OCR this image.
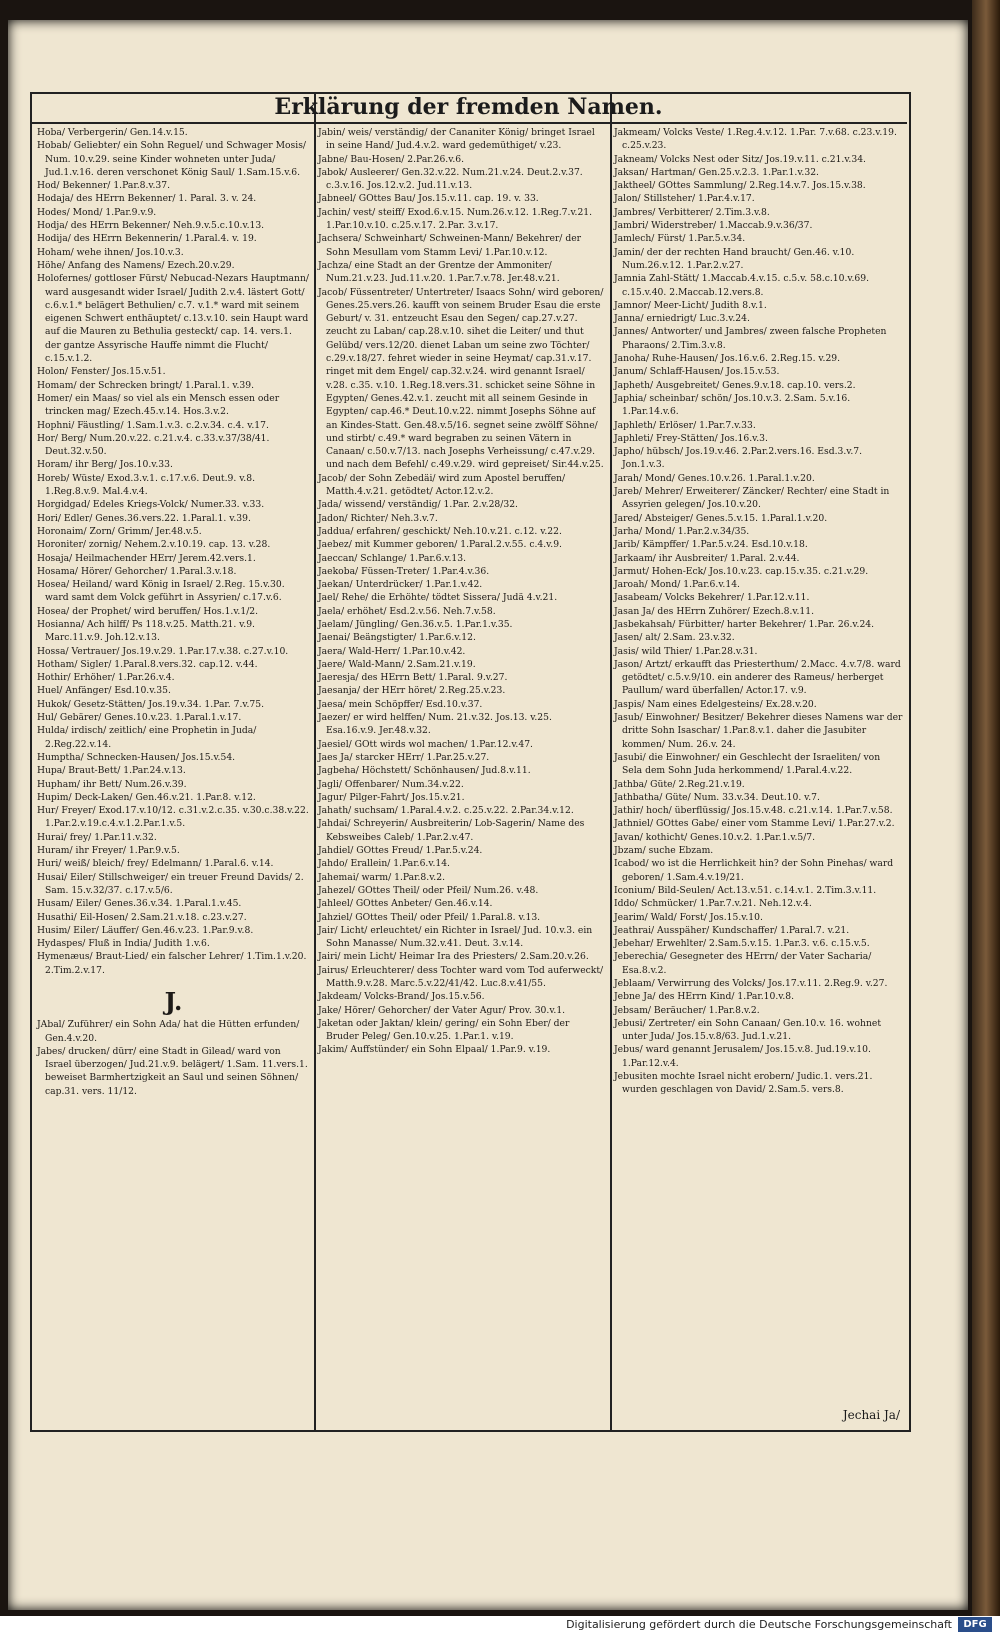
Erklärung der fremden Namen.
Hoba/ Verbergerin/ Gen.14.v.15.
Hobab/ Geliebter/ ein Sohn Reguel/ und Schwager Mosis/ Num. 10.v.29. seine Kinder wohneten unter Juda/ Jud.1.v.16. deren verschonet König Saul/ 1.Sam.15.v.6.
Hod/ Bekenner/ 1.Par.8.v.37.
Hodaja/ des HErrn Bekenner/ 1. Paral. 3. v. 24.
Hodes/ Mond/ 1.Par.9.v.9.
Hodja/ des HErrn Bekenner/ Neh.9.v.5.c.10.v.13.
Hodija/ des HErrn Bekennerin/ 1.Paral.4. v. 19.
Hoham/ wehe ihnen/ Jos.10.v.3.
Höhe/ Anfang des Namens/ Ezech.20.v.29.
Holofernes/ gottloser Fürst/ Nebucad-Nezars Hauptmann/ ward ausgesandt wider Israel/ Judith 2.v.4. lästert Gott/ c.6.v.1.* belägert Bethulien/ c.7. v.1.* ward mit seinem eigenen Schwert enthäuptet/ c.13.v.10. sein Haupt ward auf die Mauren zu Bethulia gesteckt/ cap. 14. vers.1. der gantze Assyrische Hauffe nimmt die Flucht/ c.15.v.1.2.
Holon/ Fenster/ Jos.15.v.51.
Homam/ der Schrecken bringt/ 1.Paral.1. v.39.
Homer/ ein Maas/ so viel als ein Mensch essen oder trincken mag/ Ezech.45.v.14. Hos.3.v.2.
Hophni/ Fäustling/ 1.Sam.1.v.3. c.2.v.34. c.4. v.17.
Hor/ Berg/ Num.20.v.22. c.21.v.4. c.33.v.37/38/41. Deut.32.v.50.
Horam/ ihr Berg/ Jos.10.v.33.
Horeb/ Wüste/ Exod.3.v.1. c.17.v.6. Deut.9. v.8. 1.Reg.8.v.9. Mal.4.v.4.
Horgidgad/ Edeles Kriegs-Volck/ Numer.33. v.33.
Hori/ Edler/ Genes.36.vers.22. 1.Paral.1. v.39.
Horonaim/ Zorn/ Grimm/ Jer.48.v.5.
Horoniter/ zornig/ Nehem.2.v.10.19. cap. 13. v.28.
Hosaja/ Heilmachender HErr/ Jerem.42.vers.1.
Hosama/ Hörer/ Gehorcher/ 1.Paral.3.v.18.
Hosea/ Heiland/ ward König in Israel/ 2.Reg. 15.v.30. ward samt dem Volck geführt in Assyrien/ c.17.v.6.
Hosea/ der Prophet/ wird beruffen/ Hos.1.v.1/2.
Hosianna/ Ach hilff/ Ps 118.v.25. Matth.21. v.9. Marc.11.v.9. Joh.12.v.13.
Hossa/ Vertrauer/ Jos.19.v.29. 1.Par.17.v.38. c.27.v.10.
Hotham/ Sigler/ 1.Paral.8.vers.32. cap.12. v.44.
Hothir/ Erhöher/ 1.Par.26.v.4.
Huel/ Anfänger/ Esd.10.v.35.
Hukok/ Gesetz-Stätten/ Jos.19.v.34. 1.Par. 7.v.75.
Hul/ Gebärer/ Genes.10.v.23. 1.Paral.1.v.17.
Hulda/ irdisch/ zeitlich/ eine Prophetin in Juda/ 2.Reg.22.v.14.
Humptha/ Schnecken-Hausen/ Jos.15.v.54.
Hupa/ Braut-Bett/ 1.Par.24.v.13.
Hupham/ ihr Bett/ Num.26.v.39.
Hupim/ Deck-Laken/ Gen.46.v.21. 1.Par.8. v.12.
Hur/ Freyer/ Exod.17.v.10/12. c.31.v.2.c.35. v.30.c.38.v.22. 1.Par.2.v.19.c.4.v.1.2.Par.1.v.5.
Hurai/ frey/ 1.Par.11.v.32.
Huram/ ihr Freyer/ 1.Par.9.v.5.
Huri/ weiß/ bleich/ frey/ Edelmann/ 1.Paral.6. v.14.
Husai/ Eiler/ Stillschweiger/ ein treuer Freund Davids/ 2. Sam. 15.v.32/37. c.17.v.5/6.
Husam/ Eiler/ Genes.36.v.34. 1.Paral.1.v.45.
Husathi/ Eil-Hosen/ 2.Sam.21.v.18. c.23.v.27.
Husim/ Eiler/ Läuffer/ Gen.46.v.23. 1.Par.9.v.8.
Hydaspes/ Fluß in India/ Judith 1.v.6.
Hymenæus/ Braut-Lied/ ein falscher Lehrer/ 1.Tim.1.v.20. 2.Tim.2.v.17.
J.
JAbal/ Zuführer/ ein Sohn Ada/ hat die Hütten erfunden/ Gen.4.v.20.
Jabes/ drucken/ dürr/ eine Stadt in Gilead/ ward von Israel überzogen/ Jud.21.v.9. belägert/ 1.Sam. 11.vers.1. beweiset Barmhertzigkeit an Saul und seinen Söhnen/ cap.31. vers. 11/12.
Jabin/ weis/ verständig/ der Cananiter König/ bringet Israel in seine Hand/ Jud.4.v.2. ward gedemüthiget/ v.23.
Jabne/ Bau-Hosen/ 2.Par.26.v.6.
Jabok/ Ausleerer/ Gen.32.v.22. Num.21.v.24. Deut.2.v.37. c.3.v.16. Jos.12.v.2. Jud.11.v.13.
Jabneel/ GOttes Bau/ Jos.15.v.11. cap. 19. v. 33.
Jachin/ vest/ steiff/ Exod.6.v.15. Num.26.v.12. 1.Reg.7.v.21. 1.Par.10.v.10. c.25.v.17. 2.Par. 3.v.17.
Jachsera/ Schweinhart/ Schweinen-Mann/ Bekehrer/ der Sohn Mesullam vom Stamm Levi/ 1.Par.10.v.12.
Jachza/ eine Stadt an der Grentze der Ammoniter/ Num.21.v.23. Jud.11.v.20. 1.Par.7.v.78. Jer.48.v.21.
Jacob/ Füssentreter/ Untertreter/ Isaacs Sohn/ wird geboren/ Genes.25.vers.26. kaufft von seinem Bruder Esau die erste Geburt/ v. 31. entzeucht Esau den Segen/ cap.27.v.27. zeucht zu Laban/ cap.28.v.10. sihet die Leiter/ und thut Gelübd/ vers.12/20. dienet Laban um seine zwo Töchter/ c.29.v.18/27. fehret wieder in seine Heymat/ cap.31.v.17. ringet mit dem Engel/ cap.32.v.24. wird genannt Israel/ v.28. c.35. v.10. 1.Reg.18.vers.31. schicket seine Söhne in Egypten/ Genes.42.v.1. zeucht mit all seinem Gesinde in Egypten/ cap.46.* Deut.10.v.22. nimmt Josephs Söhne auf an Kindes-Statt. Gen.48.v.5/16. segnet seine zwölff Söhne/ und stirbt/ c.49.* ward begraben zu seinen Vätern in Canaan/ c.50.v.7/13. nach Josephs Verheissung/ c.47.v.29. und nach dem Befehl/ c.49.v.29. wird gepreiset/ Sir.44.v.25.
Jacob/ der Sohn Zebedäi/ wird zum Apostel beruffen/ Matth.4.v.21. getödtet/ Actor.12.v.2.
Jada/ wissend/ verständig/ 1.Par. 2.v.28/32.
Jadon/ Richter/ Neh.3.v.7.
Jaddua/ erfahren/ geschickt/ Neh.10.v.21. c.12. v.22.
Jaebez/ mit Kummer geboren/ 1.Paral.2.v.55. c.4.v.9.
Jaeccan/ Schlange/ 1.Par.6.v.13.
Jaekoba/ Füssen-Treter/ 1.Par.4.v.36.
Jaekan/ Unterdrücker/ 1.Par.1.v.42.
Jael/ Rehe/ die Erhöhte/ tödtet Sissera/ Judä 4.v.21.
Jaela/ erhöhet/ Esd.2.v.56. Neh.7.v.58.
Jaelam/ Jüngling/ Gen.36.v.5. 1.Par.1.v.35.
Jaenai/ Beängstigter/ 1.Par.6.v.12.
Jaera/ Wald-Herr/ 1.Par.10.v.42.
Jaere/ Wald-Mann/ 2.Sam.21.v.19.
Jaeresja/ des HErrn Bett/ 1.Paral. 9.v.27.
Jaesanja/ der HErr höret/ 2.Reg.25.v.23.
Jaesa/ mein Schöpffer/ Esd.10.v.37.
Jaezer/ er wird helffen/ Num. 21.v.32. Jos.13. v.25. Esa.16.v.9. Jer.48.v.32.
Jaesiel/ GOtt wirds wol machen/ 1.Par.12.v.47.
Jaes Ja/ starcker HErr/ 1.Par.25.v.27.
Jagbeha/ Höchstett/ Schönhausen/ Jud.8.v.11.
Jagli/ Offenbarer/ Num.34.v.22.
Jagur/ Pilger-Fahrt/ Jos.15.v.21.
Jahath/ suchsam/ 1.Paral.4.v.2. c.25.v.22. 2.Par.34.v.12.
Jahdai/ Schreyerin/ Ausbreiterin/ Lob-Sagerin/ Name des Kebsweibes Caleb/ 1.Par.2.v.47.
Jahdiel/ GOttes Freud/ 1.Par.5.v.24.
Jahdo/ Erallein/ 1.Par.6.v.14.
Jahemai/ warm/ 1.Par.8.v.2.
Jahezel/ GOttes Theil/ oder Pfeil/ Num.26. v.48.
Jahleel/ GOttes Anbeter/ Gen.46.v.14.
Jahziel/ GOttes Theil/ oder Pfeil/ 1.Paral.8. v.13.
Jair/ Licht/ erleuchtet/ ein Richter in Israel/ Jud. 10.v.3. ein Sohn Manasse/ Num.32.v.41. Deut. 3.v.14.
Jairi/ mein Licht/ Heimar Ira des Priesters/ 2.Sam.20.v.26.
Jairus/ Erleuchterer/ dess Tochter ward vom Tod auferweckt/ Matth.9.v.28. Marc.5.v.22/41/42. Luc.8.v.41/55.
Jakdeam/ Volcks-Brand/ Jos.15.v.56.
Jake/ Hörer/ Gehorcher/ der Vater Agur/ Prov. 30.v.1.
Jaketan oder Jaktan/ klein/ gering/ ein Sohn Eber/ der Bruder Peleg/ Gen.10.v.25. 1.Par.1. v.19.
Jakim/ Auffstünder/ ein Sohn Elpaal/ 1.Par.9. v.19.
Jakmeam/ Volcks Veste/ 1.Reg.4.v.12. 1.Par. 7.v.68. c.23.v.19. c.25.v.23.
Jakneam/ Volcks Nest oder Sitz/ Jos.19.v.11. c.21.v.34.
Jaksan/ Hartman/ Gen.25.v.2.3. 1.Par.1.v.32.
Jaktheel/ GOttes Sammlung/ 2.Reg.14.v.7. Jos.15.v.38.
Jalon/ Stillsteher/ 1.Par.4.v.17.
Jambres/ Verbitterer/ 2.Tim.3.v.8.
Jambri/ Widerstreber/ 1.Maccab.9.v.36/37.
Jamlech/ Fürst/ 1.Par.5.v.34.
Jamin/ der der rechten Hand braucht/ Gen.46. v.10. Num.26.v.12. 1.Par.2.v.27.
Jamnia Zahl-Stätt/ 1.Maccab.4.v.15. c.5.v. 58.c.10.v.69. c.15.v.40. 2.Maccab.12.vers.8.
Jamnor/ Meer-Licht/ Judith 8.v.1.
Janna/ erniedrigt/ Luc.3.v.24.
Jannes/ Antworter/ und Jambres/ zween falsche Propheten Pharaons/ 2.Tim.3.v.8.
Janoha/ Ruhe-Hausen/ Jos.16.v.6. 2.Reg.15. v.29.
Janum/ Schlaff-Hausen/ Jos.15.v.53.
Japheth/ Ausgebreitet/ Genes.9.v.18. cap.10. vers.2.
Japhia/ scheinbar/ schön/ Jos.10.v.3. 2.Sam. 5.v.16. 1.Par.14.v.6.
Japhleth/ Erlöser/ 1.Par.7.v.33.
Japhleti/ Frey-Stätten/ Jos.16.v.3.
Japho/ hübsch/ Jos.19.v.46. 2.Par.2.vers.16. Esd.3.v.7. Jon.1.v.3.
Jarah/ Mond/ Genes.10.v.26. 1.Paral.1.v.20.
Jareb/ Mehrer/ Erweiterer/ Zäncker/ Rechter/ eine Stadt in Assyrien gelegen/ Jos.10.v.20.
Jared/ Absteiger/ Genes.5.v.15. 1.Paral.1.v.20.
Jarha/ Mond/ 1.Par.2.v.34/35.
Jarib/ Kämpffer/ 1.Par.5.v.24. Esd.10.v.18.
Jarkaam/ ihr Ausbreiter/ 1.Paral. 2.v.44.
Jarmut/ Hohen-Eck/ Jos.10.v.23. cap.15.v.35. c.21.v.29.
Jaroah/ Mond/ 1.Par.6.v.14.
Jasabeam/ Volcks Bekehrer/ 1.Par.12.v.11.
Jasan Ja/ des HErrn Zuhörer/ Ezech.8.v.11.
Jasbekahsah/ Fürbitter/ harter Bekehrer/ 1.Par. 26.v.24.
Jasen/ alt/ 2.Sam. 23.v.32.
Jasis/ wild Thier/ 1.Par.28.v.31.
Jason/ Artzt/ erkaufft das Priesterthum/ 2.Macc. 4.v.7/8. ward getödtet/ c.5.v.9/10. ein anderer des Rameus/ herberget Paullum/ ward überfallen/ Actor.17. v.9.
Jaspis/ Nam eines Edelgesteins/ Ex.28.v.20.
Jasub/ Einwohner/ Besitzer/ Bekehrer dieses Namens war der dritte Sohn Isaschar/ 1.Par.8.v.1. daher die Jasubiter kommen/ Num. 26.v. 24.
Jasubi/ die Einwohner/ ein Geschlecht der Israeliten/ von Sela dem Sohn Juda herkommend/ 1.Paral.4.v.22.
Jathba/ Güte/ 2.Reg.21.v.19.
Jathbatha/ Güte/ Num. 33.v.34. Deut.10. v.7.
Jathir/ hoch/ überflüssig/ Jos.15.v.48. c.21.v.14. 1.Par.7.v.58.
Jathniel/ GOttes Gabe/ einer vom Stamme Levi/ 1.Par.27.v.2.
Javan/ kothicht/ Genes.10.v.2. 1.Par.1.v.5/7.
Jbzam/ suche Ebzam.
Icabod/ wo ist die Herrlichkeit hin? der Sohn Pinehas/ ward geboren/ 1.Sam.4.v.19/21.
Iconium/ Bild-Seulen/ Act.13.v.51. c.14.v.1. 2.Tim.3.v.11.
Iddo/ Schmücker/ 1.Par.7.v.21. Neh.12.v.4.
Jearim/ Wald/ Forst/ Jos.15.v.10.
Jeathrai/ Ausspäher/ Kundschaffer/ 1.Paral.7. v.21.
Jebehar/ Erwehlter/ 2.Sam.5.v.15. 1.Par.3. v.6. c.15.v.5.
Jeberechia/ Gesegneter des HErrn/ der Vater Sacharia/ Esa.8.v.2.
Jeblaam/ Verwirrung des Volcks/ Jos.17.v.11. 2.Reg.9. v.27.
Jebne Ja/ des HErrn Kind/ 1.Par.10.v.8.
Jebsam/ Beräucher/ 1.Par.8.v.2.
Jebusi/ Zertreter/ ein Sohn Canaan/ Gen.10.v. 16. wohnet unter Juda/ Jos.15.v.8/63. Jud.1.v.21.
Jebus/ ward genannt Jerusalem/ Jos.15.v.8. Jud.19.v.10. 1.Par.12.v.4.
Jebusiten mochte Israel nicht erobern/ Judic.1. vers.21. wurden geschlagen von David/ 2.Sam.5. vers.8.
Jechai Ja/
Digitalisierung gefördert durch die Deutsche Forschungsgemeinschaft	DFG
